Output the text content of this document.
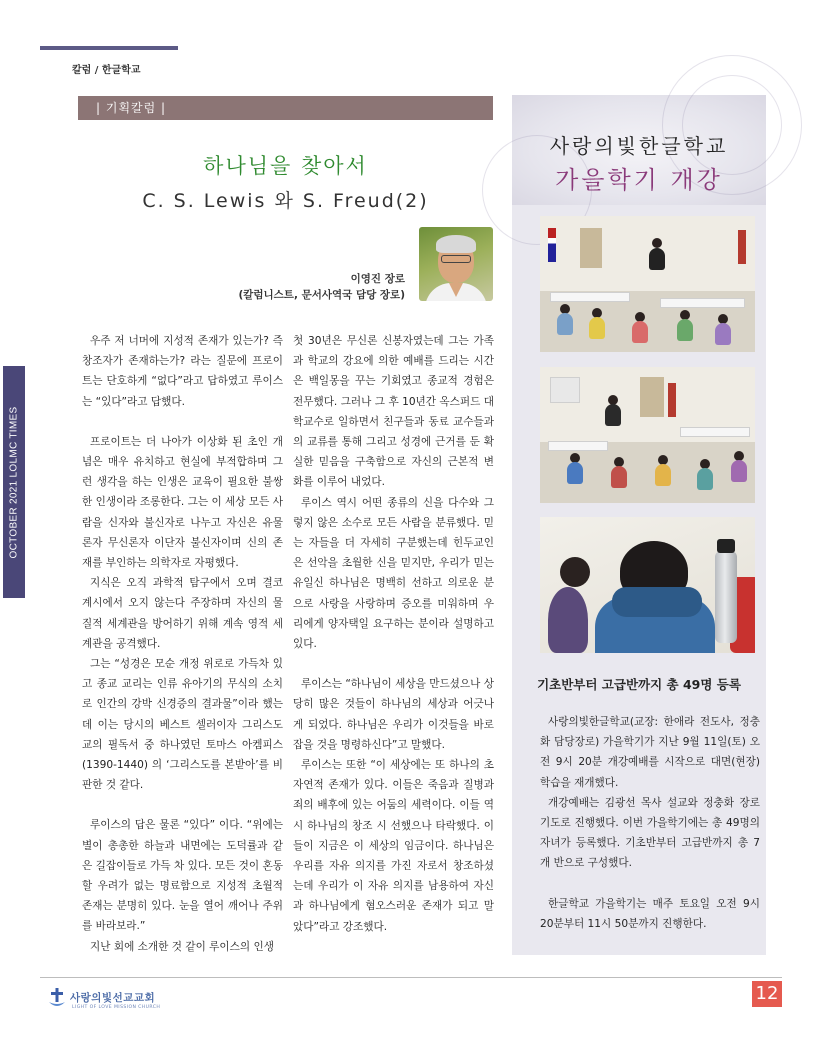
칼럼 / 한글학교
OCTOBER 2021 LOLMC TIMES
| 기획칼럼 |
하나님을 찾아서
C. S. Lewis 와 S. Freud(2)
이영진 장로
(칼럼니스트, 문서사역국 담당 장로)

우주 저 너머에 지성적 존재가 있는가? 즉 창조자가 존재하는가? 라는 질문에 프로이트는 단호하게 “없다”라고 답하였고 루이스는 “있다”라고 답했다.

프로이트는 더 나아가 이상화 된 초인 개념은 매우 유치하고 현실에 부적합하며 그런 생각을 하는 인생은 교육이 필요한 불쌍한 인생이라 조롱한다. 그는 이 세상 모든 사람을 신자와 불신자로 나누고 자신은 유물론자 무신론자 이단자 불신자이며 신의 존재를 부인하는 의학자로 자평했다.

지식은 오직 과학적 탐구에서 오며 결코 계시에서 오지 않는다 주장하며 자신의 물질적 세계관을 방어하기 위해 계속 영적 세계관을 공격했다.

그는 “성경은 모순 개정 위로로 가득차 있고 종교 교리는 인류 유아기의 무식의 소치로 인간의 강박 신경증의 결과물”이라 했는데 이는 당시의 베스트 셀러이자 그리스도교의 필독서 중 하나였던 토마스 아켐피스(1390-1440) 의 ‘그리스도를 본받아’를 비판한 것 같다.

루이스의 답은 물론 “있다” 이다. “위에는 별이 총총한 하늘과 내면에는 도덕률과 같은 길잡이들로 가득 차 있다. 모든 것이 혼동할 우려가 없는 명료함으로 지성적 초월적 존재는 분명히 있다. 눈을 열어 깨어나 주위를 바라보라.”

지난 회에 소개한 것 같이 루이스의 인생

첫 30년은 무신론 신봉자였는데 그는 가족과 학교의 강요에 의한 예배를 드리는 시간은 백일몽을 꾸는 기회였고 종교적 경험은 전무했다. 그러나 그 후 10년간 옥스퍼드 대학교수로 일하면서 친구들과 동료 교수들과의 교류를 통해 그리고 성경에 근거를 둔 확실한 믿음을 구축함으로 자신의 근본적 변화를 이루어 내었다.

루이스 역시 어떤 종류의 신을 다수와 그렇지 않은 소수로 모든 사람을 분류했다. 믿는 자들을 더 자세히 구분했는데 힌두교인은 선악을 초월한 신을 믿지만, 우리가 믿는 유일신 하나님은 명백히 선하고 의로운 분으로 사랑을 사랑하며 증오를 미워하며 우리에게 양자택일 요구하는 분이라 설명하고 있다.

루이스는 “하나님이 세상을 만드셨으나 상당히 많은 것들이 하나님의 세상과 어긋나게 되었다. 하나님은 우리가 이것들을 바로 잡을 것을 명령하신다”고 말했다.

루이스는 또한 “이 세상에는 또 하나의 초자연적 존재가 있다. 이들은 죽음과 질병과 죄의 배후에 있는 어둠의 세력이다. 이들 역시 하나님의 창조 시 선했으나 타락했다. 이들이 지금은 이 세상의 임금이다. 하나님은 우리를 자유 의지를 가진 자로서 창조하셨는데 우리가 이 자유 의지를 남용하여 자신과 하나님에게 혐오스러운 존재가 되고 말았다”라고 강조했다.

사랑의빛한글학교
가을학기 개강
기초반부터 고급반까지 총 49명 등록

사랑의빛한글학교(교장: 한애라 전도사, 정충화 담당장로) 가을학기가 지난 9월 11일(토) 오전 9시 20분 개강예배를 시작으로 대면(현장) 학습을 재개했다.

개강예배는 김광선 목사 설교와 정충화 장로 기도로 진행했다. 이번 가을학기에는 총 49명의 자녀가 등록했다. 기초반부터 고급반까지 총 7개 반으로 구성했다.

한글학교 가을학기는 매주 토요일 오전 9시 20분부터 11시 50분까지 진행한다.

사랑의빛선교교회
LIGHT OF LOVE MISSION CHURCH
12
